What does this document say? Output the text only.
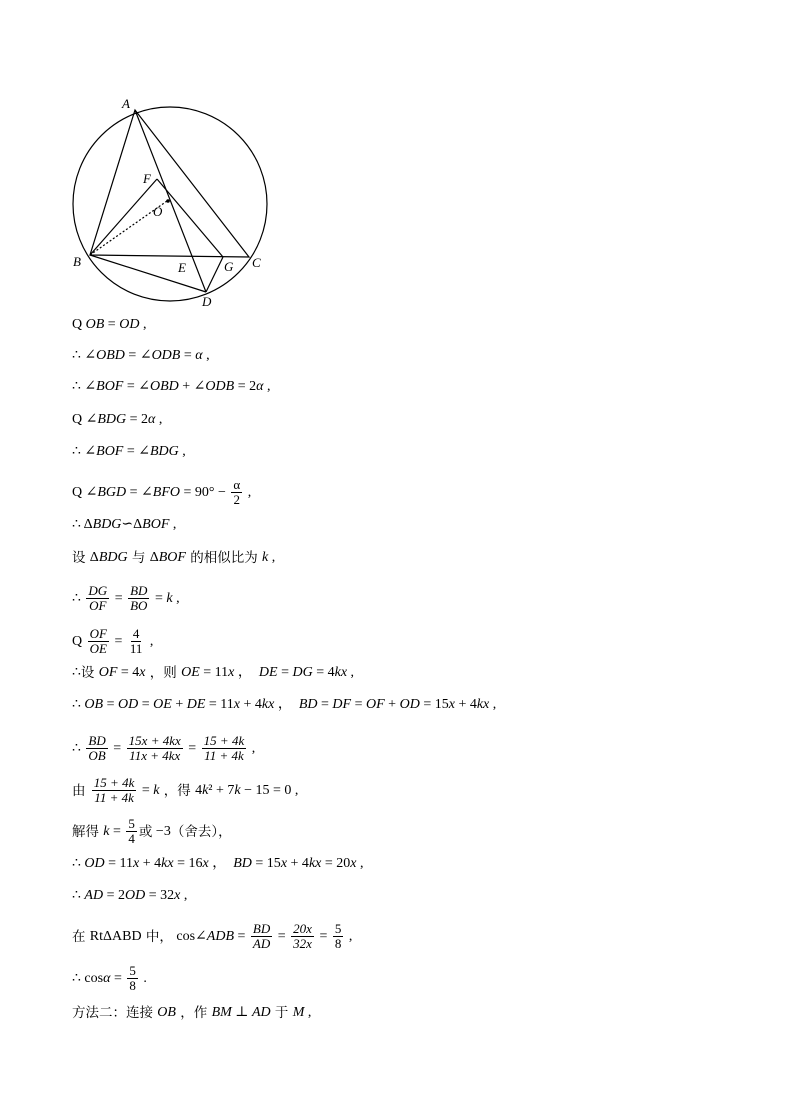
A
B	C
D
E
F
G
O
Q OB = OD ,
∴ ∠ OBD = ∠ ODB = α ,
∴ ∠ BOF = ∠ OBD + ∠ ODB = 2 α ,
Q ∠ BDG = 2 α ,
∴ ∠ BOF = ∠ BDG ,
Q ∠ BGD = ∠ BFO = $90^\circ - \frac{\alpha}{2}$ ,
∴ Δ BDG ∽Δ BOF ,
设 Δ BDG 与 Δ BOF 的相似比为 k ,
∴ $\frac{DG}{OF} = \frac{BD}{BO} = k$ ,
Q $\frac{OF}{OE} = \frac{4}{11}$ ,
∴ 设 OF = 4 x ，则 OE = 11 x ， DE = DG = 4 kx ,
∴ OB = OD = OE + DE = 11 x + 4 kx ， BD = DF = OF + OD = 15 x + 4 kx ,
∴ $\frac{BD}{OB} = \frac{15x + 4kx}{11x + 4kx} = \frac{15 + 4k}{11 + 4k}$ ,
由 $\frac{15 + 4k}{11 + 4k} = k$ ，得 4 k ² + 7 k − 15 = 0 ,
解得 $k = \frac{5}{4}$ 或 −3 （舍去），
∴ OD = 11 x + 4 kx = 16 x ， BD = 15 x + 4 kx = 20 x ,
∴ AD = 2 OD = 32 x ,
在 RtΔABD 中， cos∠ ADB = $\frac{BD}{AD} = \frac{20x}{32x} = \frac{5}{8}$ ,
∴ $\cos \alpha = \frac{5}{8}$ .
方法二：连接 OB ，作 BM ⊥ AD 于 M ,
